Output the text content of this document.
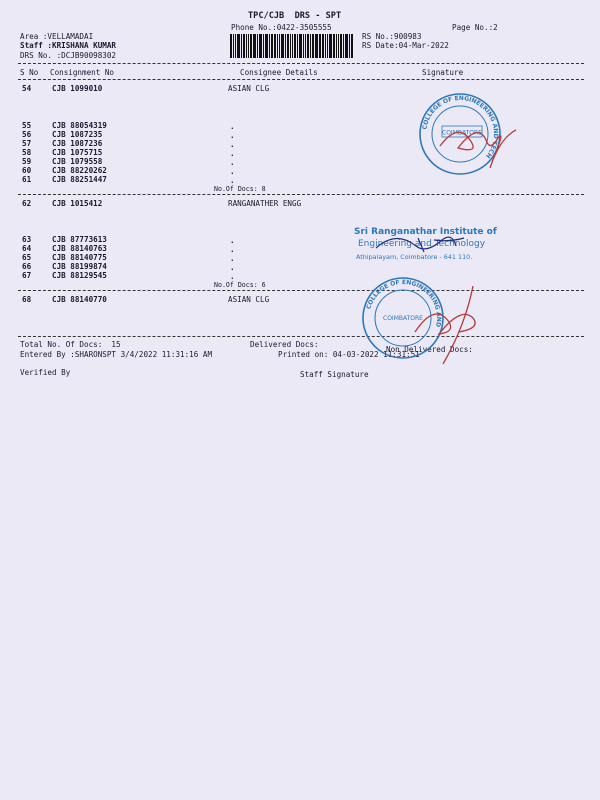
TPC/CJB  DRS - SPT
Phone No.:0422-3505555	Page No.:2
Area :VELLAMADAI
Staff :KRISHANA KUMAR
DRS No. :DCJB90098302
RS No.:900983
RS Date:04-Mar-2022
S No Consignment No	Consignee Details	Signature
54	CJB 1099010	ASIAN CLG
55	CJB 88054319	.
56	CJB 1087235	.
57	CJB 1087236	.
58	CJB 1075715	.
59	CJB 1079558	.
60	CJB 88220262	.
61	CJB 88251447	.
No.Of Docs: 8
62	CJB 1015412	RANGANATHER ENGG
63	CJB 87773613	.
64	CJB 88140763	.
65	CJB 88140775	.
66	CJB 88199874	.
67	CJB 88129545	.
No.Of Docs: 6
68	CJB 88140770	ASIAN CLG
Total No. Of Docs:  15	Delivered Docs:
Non Delivered Docs:
Entered By :SHARONSPT 3/4/2022 11:31:16 AM	Printed on: 04-03-2022 11:31:51
Verified By	Staff Signature
COLLEGE OF ENGINEERING AND TECH
COIMBATORE
Sri Ranganathar Institute of
Engineering and Technology
Athipalayam, Coimbatore - 641 110.
COLLEGE OF ENGINEERING AND
COIMBATORE
